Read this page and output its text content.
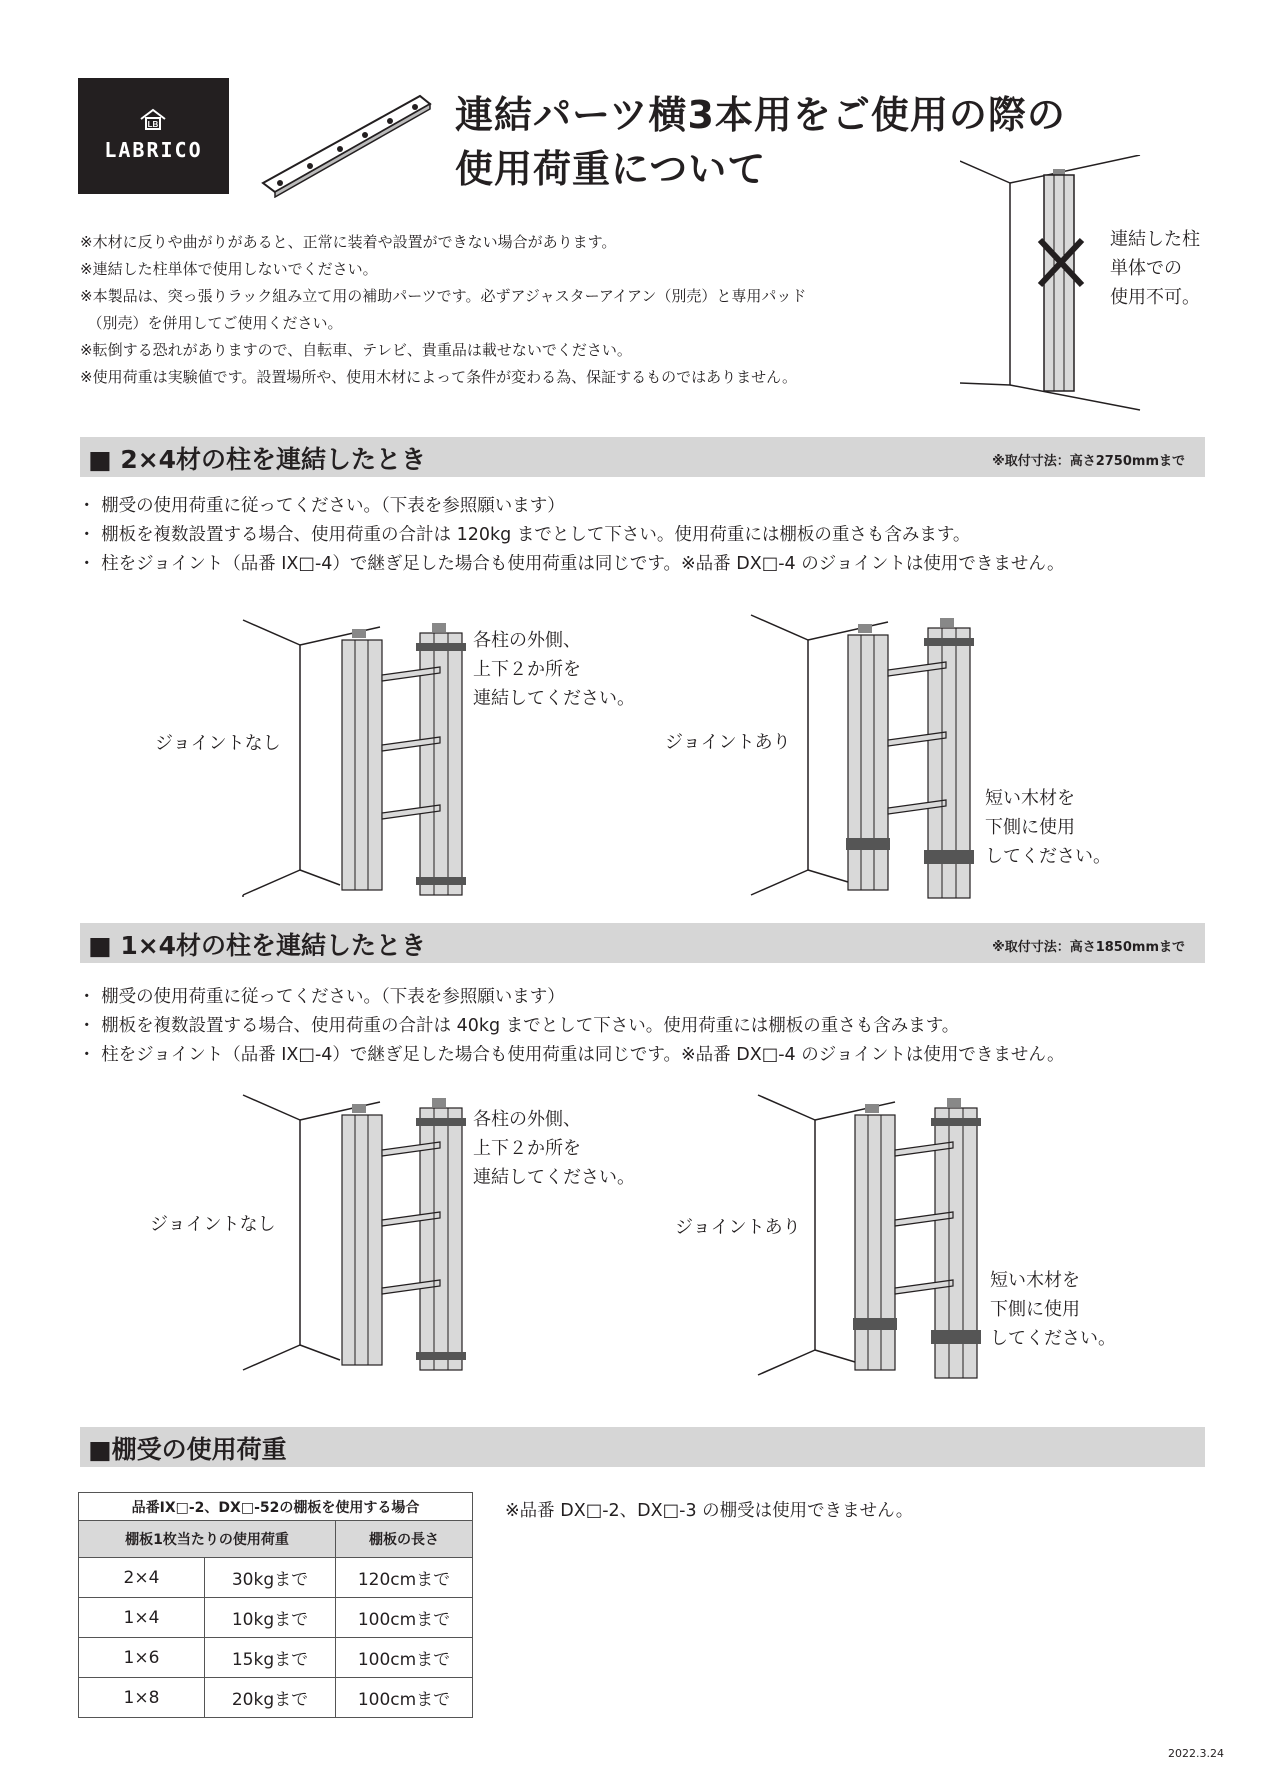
LB
LABRICO
連結パーツ横3本用をご使用の際の
使用荷重について
※木材に反りや曲がりがあると、正常に装着や設置ができない場合があります。
※連結した柱単体で使用しないでください。
※本製品は、突っ張りラック組み立て用の補助パーツです。必ずアジャスターアイアン（別売）と専用パッド
　（別売）を併用してご使用ください。
※転倒する恐れがありますので、自転車、テレビ、貴重品は載せないでください。
※使用荷重は実験値です。設置場所や、使用木材によって条件が変わる為、保証するものではありません。
連結した柱
単体での
使用不可。
■ 2×4材の柱を連結したとき	※取付寸法：高さ2750mmまで
・ 棚受の使用荷重に従ってください。（下表を参照願います）
・ 棚板を複数設置する場合、使用荷重の合計は 120kg までとして下さい。使用荷重には棚板の重さも含みます。
・ 柱をジョイント（品番 IX□-4）で継ぎ足した場合も使用荷重は同じです。※品番 DX□-4 のジョイントは使用できません。
ジョイントなし
各柱の外側、
上下２か所を
連結してください。
ジョイントあり
短い木材を
下側に使用
してください。
■ 1×4材の柱を連結したとき	※取付寸法：高さ1850mmまで
・ 棚受の使用荷重に従ってください。（下表を参照願います）
・ 棚板を複数設置する場合、使用荷重の合計は 40kg までとして下さい。使用荷重には棚板の重さも含みます。
・ 柱をジョイント（品番 IX□-4）で継ぎ足した場合も使用荷重は同じです。※品番 DX□-4 のジョイントは使用できません。
ジョイントなし
各柱の外側、
上下２か所を
連結してください。
ジョイントあり
短い木材を
下側に使用
してください。
■棚受の使用荷重
品番IX□-2、DX□-52の棚板を使用する場合		
棚板1枚当たりの使用荷重		棚板の長さ
2×4	30kgまで	120cmまで
1×4	10kgまで	100cmまで
1×6	15kgまで	100cmまで
1×8	20kgまで	100cmまで
※品番 DX□-2、DX□-3 の棚受は使用できません。
2022.3.24
